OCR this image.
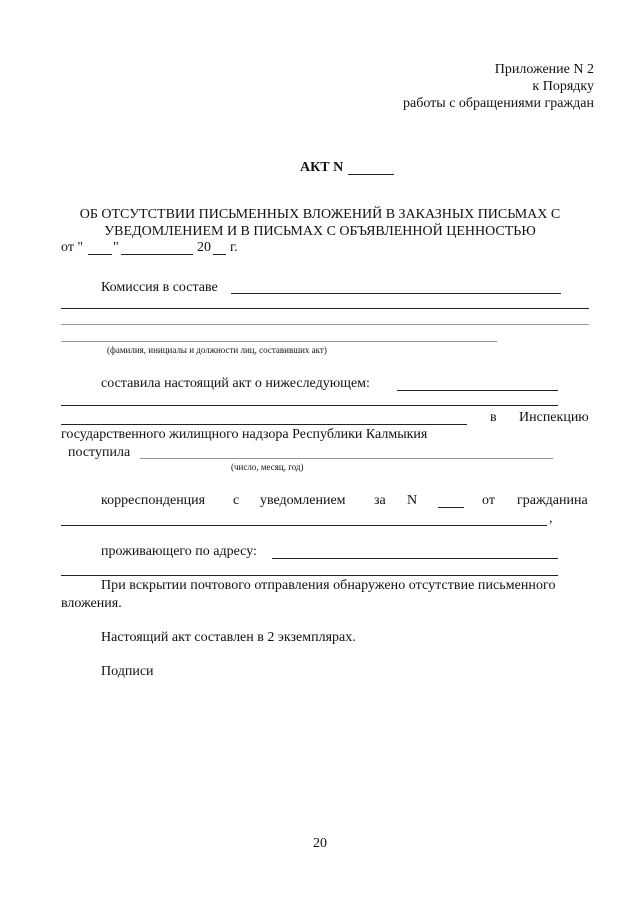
Приложение N 2
к Порядку
работы с обращениями граждан
АКТ N
ОБ ОТСУТСТВИИ ПИСЬМЕННЫХ ВЛОЖЕНИЙ В ЗАКАЗНЫХ ПИСЬМАХ С
УВЕДОМЛЕНИЕМ И В ПИСЬМАХ С ОБЪЯВЛЕННОЙ ЦЕННОСТЬЮ
от " "	20 г.
Комиссия в составе
(фамилия, инициалы и должности лиц, составивших акт)
составила настоящий акт о нижеследующем:
в Инспекцию
государственного жилищного надзора Республики Калмыкия
поступила
(число, месяц, год)
корреспонденция с уведомлением за N	от гражданина
,
проживающего по адресу:
При вскрытии почтового отправления обнаружено отсутствие письменного
вложения.
Настоящий акт составлен в 2 экземплярах.
Подписи
20
